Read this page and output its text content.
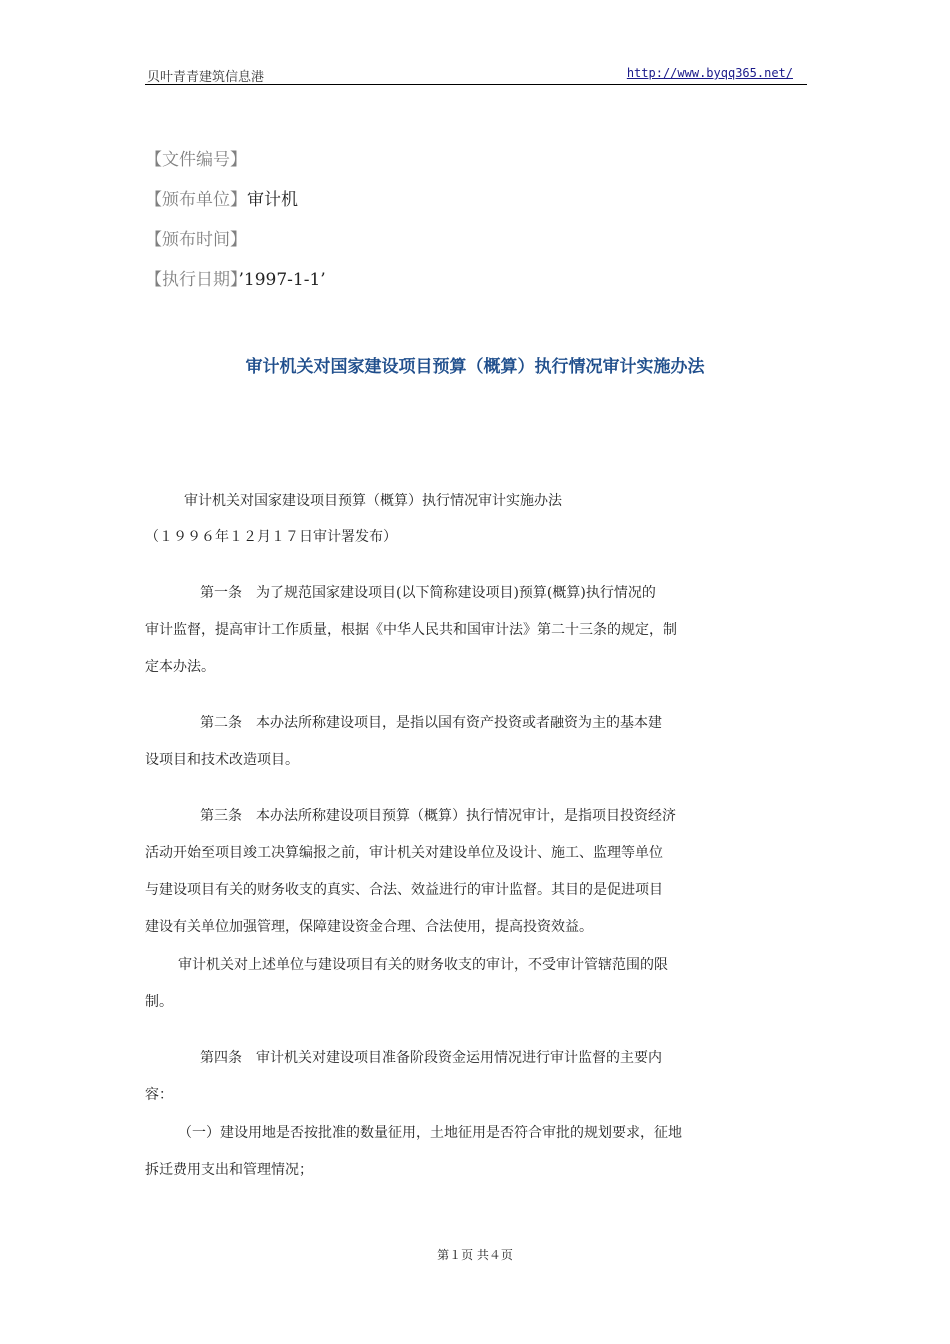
贝叶青青建筑信息港	http://www.byqq365.net/
【文件编号】
【颁布单位】审计机
【颁布时间】
【执行日期】’1997-1-1’
审计机关对国家建设项目预算（概算）执行情况审计实施办法
审计机关对国家建设项目预算（概算）执行情况审计实施办法
（１９９６年１２月１７日审计署发布）
第一条　为了规范国家建设项目(以下简称建设项目)预算(概算)执行情况的
审计监督，提高审计工作质量，根据《中华人民共和国审计法》第二十三条的规定，制
定本办法。
第二条　本办法所称建设项目，是指以国有资产投资或者融资为主的基本建
设项目和技术改造项目。
第三条　本办法所称建设项目预算（概算）执行情况审计，是指项目投资经济
活动开始至项目竣工决算编报之前，审计机关对建设单位及设计、施工、监理等单位
与建设项目有关的财务收支的真实、合法、效益进行的审计监督。其目的是促进项目
建设有关单位加强管理，保障建设资金合理、合法使用，提高投资效益。
审计机关对上述单位与建设项目有关的财务收支的审计，不受审计管辖范围的限
制。
第四条　审计机关对建设项目准备阶段资金运用情况进行审计监督的主要内
容：
（一）建设用地是否按批准的数量征用，土地征用是否符合审批的规划要求，征地
拆迁费用支出和管理情况；
第１页 共４页
